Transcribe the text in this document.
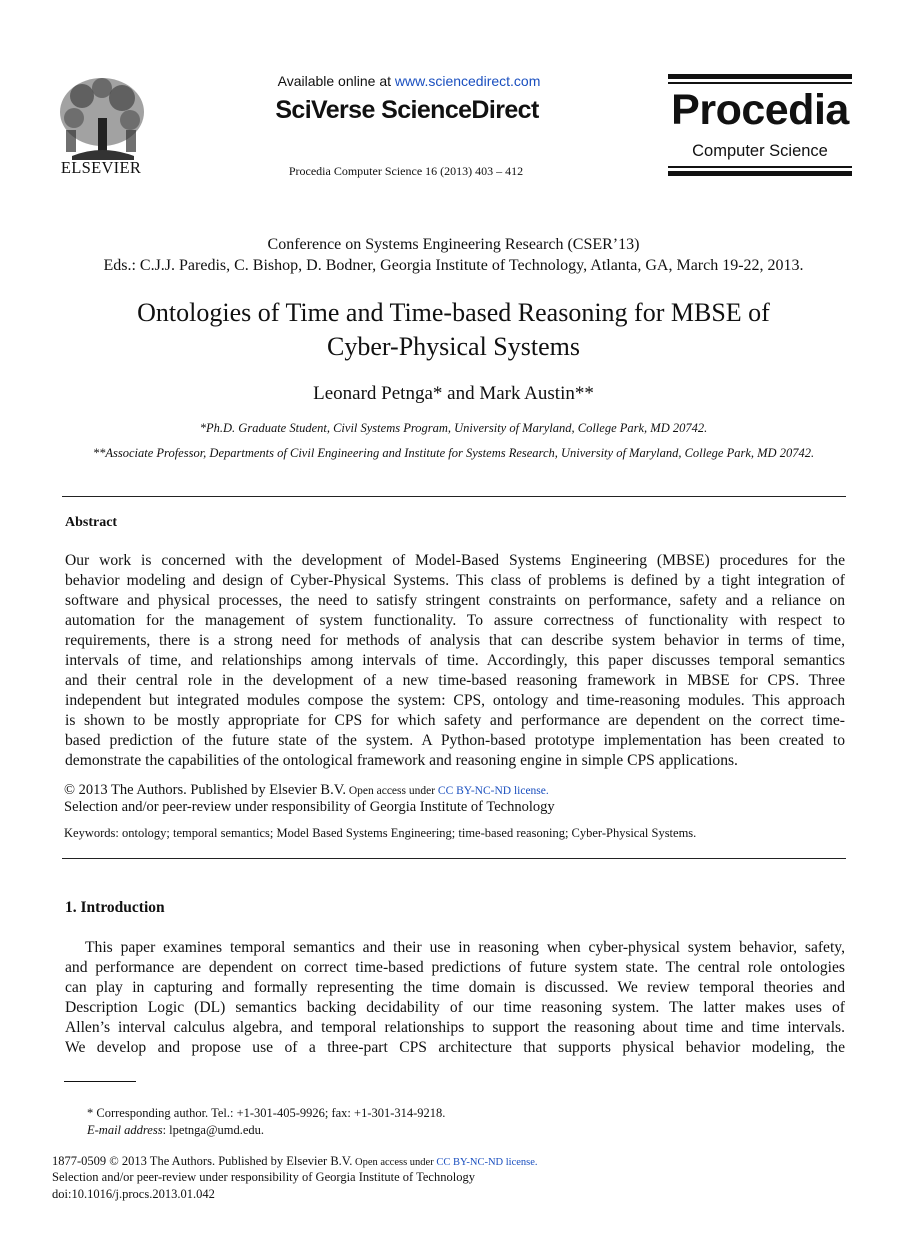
ELSEVIER
Available online at www.sciencedirect.com
SciVerse ScienceDirect
Procedia Computer Science 16 (2013) 403 – 412
Procedia
Computer Science
Conference on Systems Engineering Research (CSER’13)
Eds.: C.J.J. Paredis, C. Bishop, D. Bodner, Georgia Institute of Technology, Atlanta, GA, March 19-22, 2013.
Ontologies of Time and Time-based Reasoning for MBSE of
Cyber-Physical Systems
Leonard Petnga* and Mark Austin**
*Ph.D. Graduate Student, Civil Systems Program, University of Maryland, College Park, MD 20742.
**Associate Professor, Departments of Civil Engineering and Institute for Systems Research, University of Maryland, College Park, MD 20742.
Abstract
Our work is concerned with the development of Model-Based Systems Engineering (MBSE) procedures for the
behavior modeling and design of Cyber-Physical Systems. This class of problems is defined by a tight integration of
software and physical processes, the need to satisfy stringent constraints on performance, safety and a reliance on
automation for the management of system functionality. To assure correctness of functionality with respect to
requirements, there is a strong need for methods of analysis that can describe system behavior in terms of time,
intervals of time, and relationships among intervals of time. Accordingly, this paper discusses temporal semantics
and their central role in the development of a new time-based reasoning framework in MBSE for CPS. Three
independent but integrated modules compose the system: CPS, ontology and time-reasoning modules. This approach
is shown to be mostly appropriate for CPS for which safety and performance are dependent on the correct time-
based prediction of the future state of the system. A Python-based prototype implementation has been created to
demonstrate the capabilities of the ontological framework and reasoning engine in simple CPS applications.
© 2013 The Authors. Published by Elsevier B.V. Open access under CC BY-NC-ND license.
Selection and/or peer-review under responsibility of Georgia Institute of Technology
Keywords: ontology; temporal semantics; Model Based Systems Engineering; time-based reasoning; Cyber-Physical Systems.
1. Introduction
This paper examines temporal semantics and their use in reasoning when cyber-physical system behavior, safety,
and performance are dependent on correct time-based predictions of future system state. The central role ontologies
can play in capturing and formally representing the time domain is discussed. We review temporal theories and
Description Logic (DL) semantics backing decidability of our time reasoning system. The latter makes uses of
Allen’s interval calculus algebra, and temporal relationships to support the reasoning about time and time intervals.
We develop and propose use of a three-part CPS architecture that supports physical behavior modeling, the
* Corresponding author. Tel.: +1-301-405-9926; fax: +1-301-314-9218.
E-mail address: lpetnga@umd.edu.
1877-0509 © 2013 The Authors. Published by Elsevier B.V. Open access under CC BY-NC-ND license.
Selection and/or peer-review under responsibility of Georgia Institute of Technology
doi:10.1016/j.procs.2013.01.042
